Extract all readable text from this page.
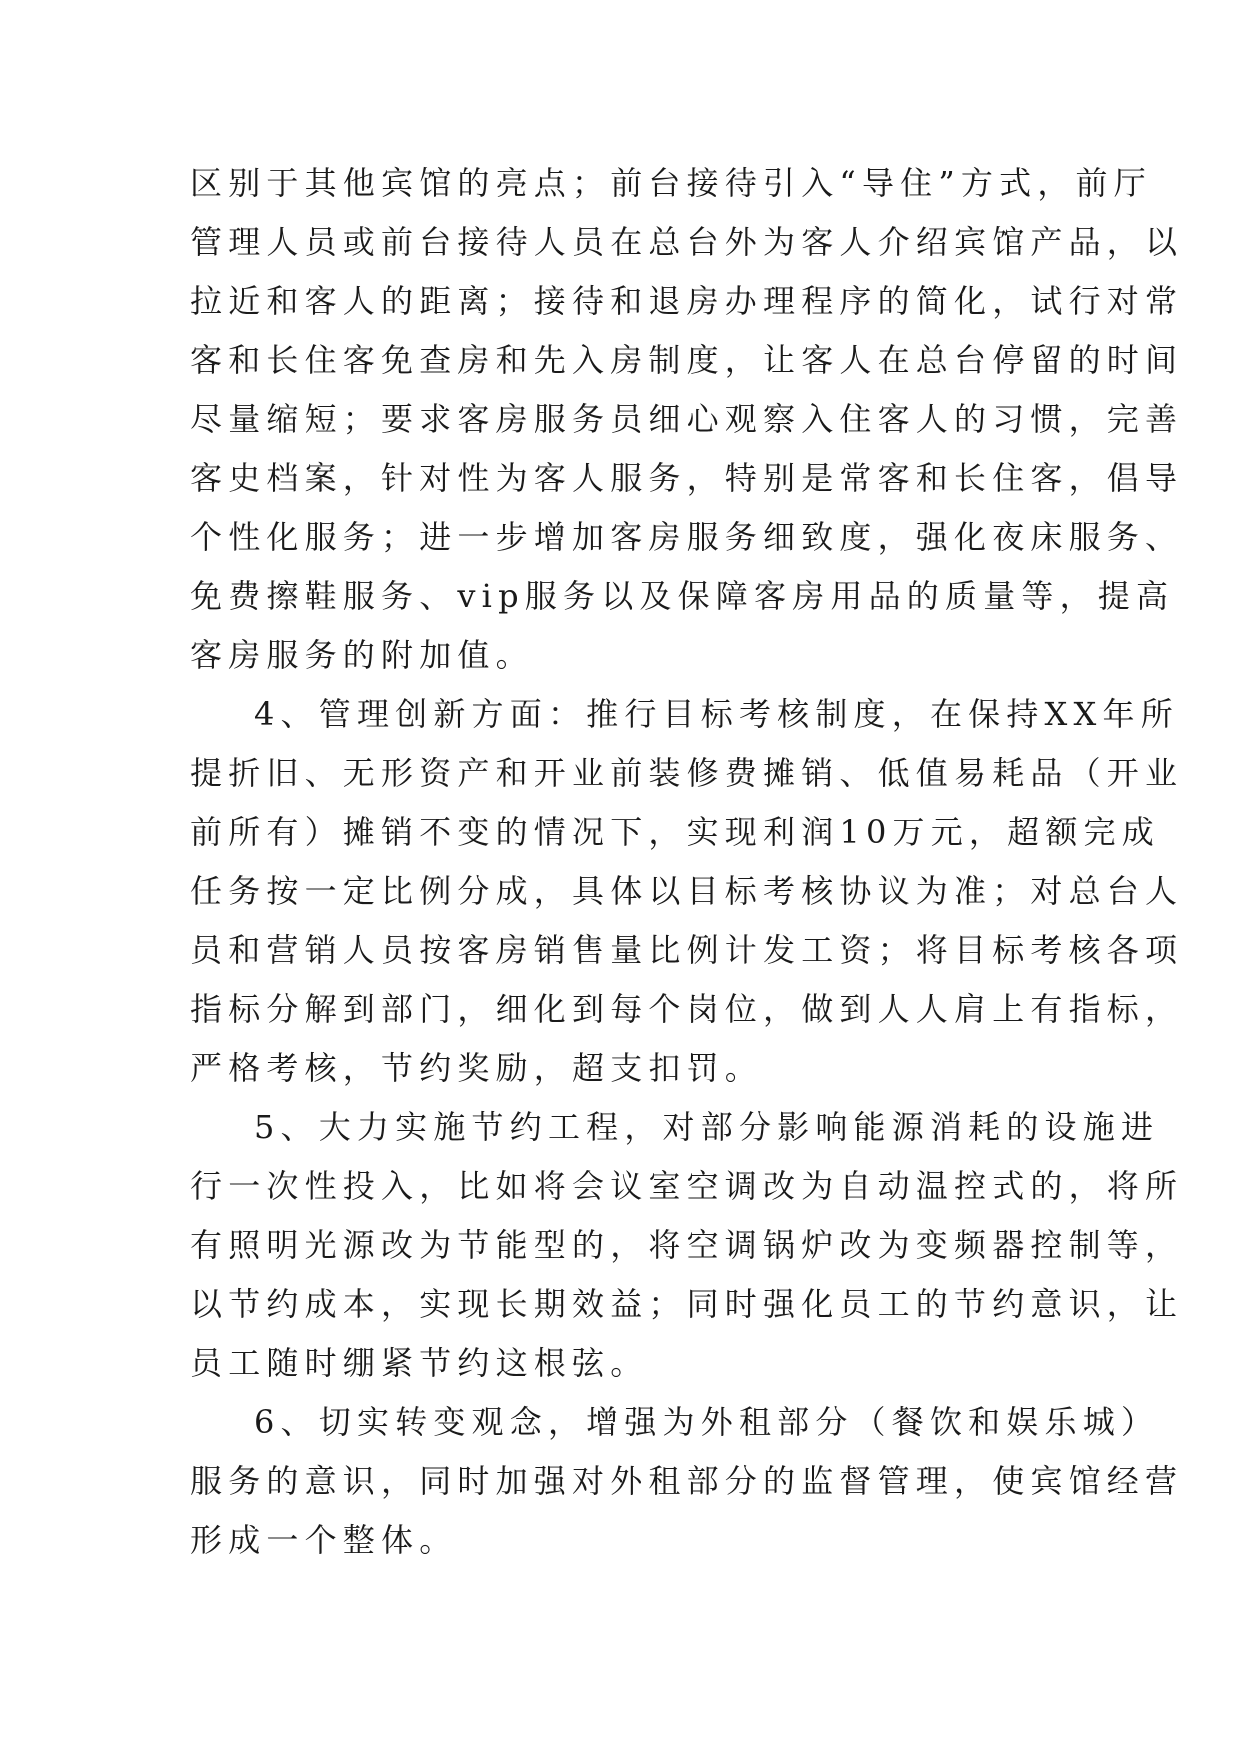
区别于其他宾馆的亮点；前台接待引入“导住”方式，前厅
管理人员或前台接待人员在总台外为客人介绍宾馆产品，以
拉近和客人的距离；接待和退房办理程序的简化，试行对常
客和长住客免查房和先入房制度，让客人在总台停留的时间
尽量缩短；要求客房服务员细心观察入住客人的习惯，完善
客史档案，针对性为客人服务，特别是常客和长住客，倡导
个性化服务；进一步增加客房服务细致度，强化夜床服务、
免费擦鞋服务、vip服务以及保障客房用品的质量等，提高
客房服务的附加值。
4、管理创新方面：推行目标考核制度，在保持XX年所
提折旧、无形资产和开业前装修费摊销、低值易耗品（开业
前所有）摊销不变的情况下，实现利润10万元，超额完成
任务按一定比例分成，具体以目标考核协议为准；对总台人
员和营销人员按客房销售量比例计发工资；将目标考核各项
指标分解到部门，细化到每个岗位，做到人人肩上有指标，
严格考核，节约奖励，超支扣罚。
5、大力实施节约工程，对部分影响能源消耗的设施进
行一次性投入，比如将会议室空调改为自动温控式的，将所
有照明光源改为节能型的，将空调锅炉改为变频器控制等，
以节约成本，实现长期效益；同时强化员工的节约意识，让
员工随时绷紧节约这根弦。
6、切实转变观念，增强为外租部分（餐饮和娱乐城）
服务的意识，同时加强对外租部分的监督管理，使宾馆经营
形成一个整体。
